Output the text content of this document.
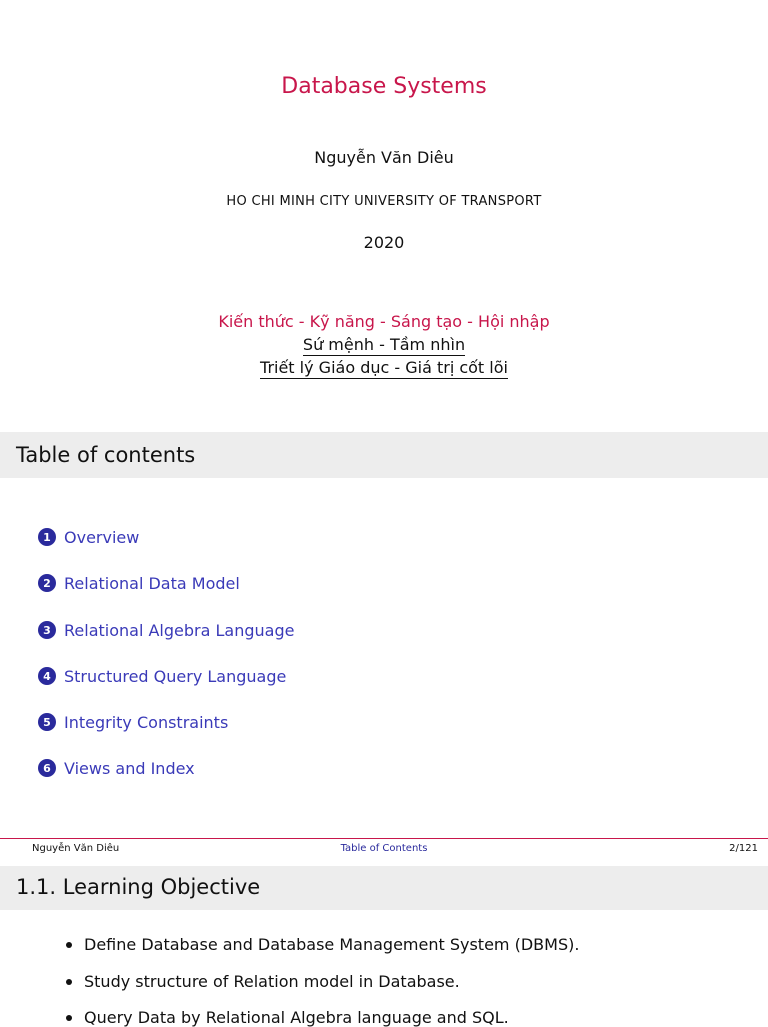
Database Systems
Nguyễn Văn Diêu
HO CHI MINH CITY UNIVERSITY OF TRANSPORT
2020
Kiến thức - Kỹ năng - Sáng tạo - Hội nhập
Sứ mệnh - Tầm nhìn
Triết lý Giáo dục - Giá trị cốt lõi
Table of contents
1 Overview
2 Relational Data Model
3 Relational Algebra Language
4 Structured Query Language
5 Integrity Constraints
6 Views and Index
Nguyễn Văn Diêu	Table of Contents	2/121
1.1. Learning Objective
Define Database and Database Management System (DBMS).
Study structure of Relation model in Database.
Query Data by Relational Algebra language and SQL.
